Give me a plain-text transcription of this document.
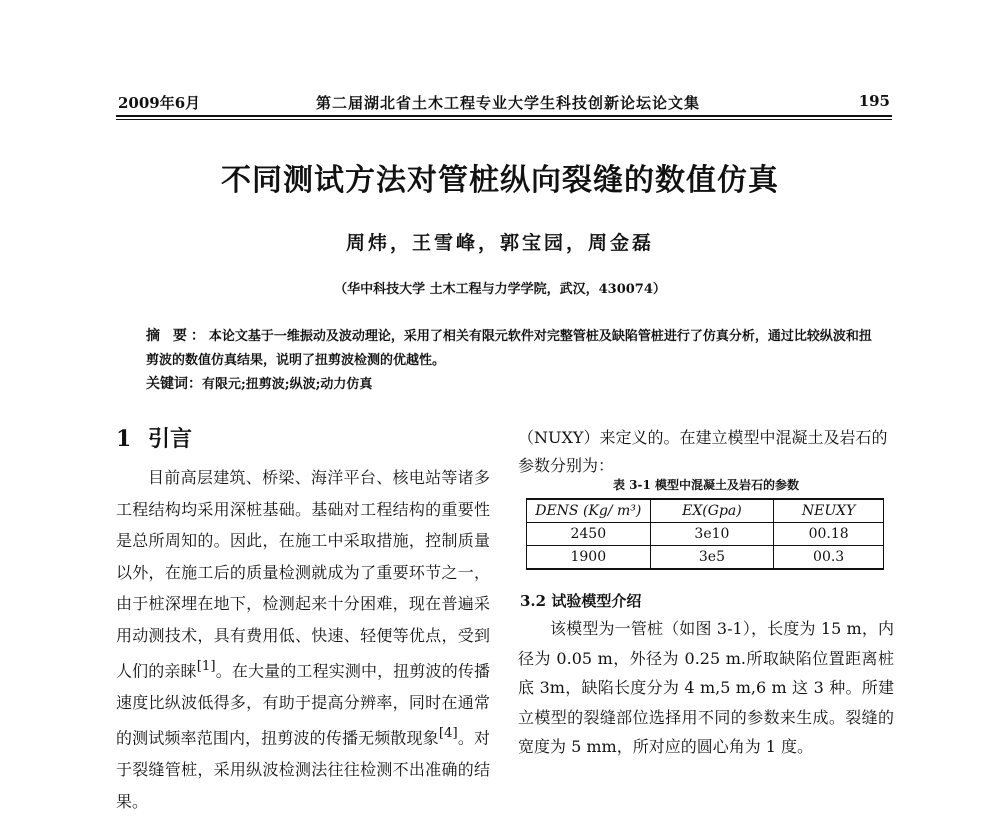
2009年6月	第二届湖北省土木工程专业大学生科技创新论坛论文集	195
不同测试方法对管桩纵向裂缝的数值仿真
周炜，王雪峰，郭宝园，周金磊
（华中科技大学 土木工程与力学学院，武汉，430074）
摘 要：本论文基于一维振动及波动理论，采用了相关有限元软件对完整管桩及缺陷管桩进行了仿真分析，通过比较纵波和扭剪波的数值仿真结果，说明了扭剪波检测的优越性。
关键词：有限元;扭剪波;纵波;动力仿真
1 引言
目前高层建筑、桥梁、海洋平台、核电站等诸多工程结构均采用深桩基础。基础对工程结构的重要性是总所周知的。因此，在施工中采取措施，控制质量以外，在施工后的质量检测就成为了重要环节之一，由于桩深埋在地下，检测起来十分困难，现在普遍采用动测技术，具有费用低、快速、轻便等优点，受到人们的亲睐[1]。在大量的工程实测中，扭剪波的传播速度比纵波低得多，有助于提高分辨率，同时在通常的测试频率范围内，扭剪波的传播无频散现象[4]。对于裂缝管桩，采用纵波检测法往往检测不出准确的结果。
（NUXY）来定义的。在建立模型中混凝土及岩石的参数分别为：
表 3-1 模型中混凝土及岩石的参数
DENS (Kg/ m³)	EX(Gpa)	NEUXY
2450	3e10	00.18
1900	3e5	00.3
3.2 试验模型介绍
该模型为一管桩（如图 3-1），长度为 15 m，内径为 0.05 m，外径为 0.25 m.所取缺陷位置距离桩底 3m，缺陷长度分为 4 m,5 m,6 m 这 3 种。所建立模型的裂缝部位选择用不同的参数来生成。裂缝的宽度为 5 mm，所对应的圆心角为 1 度。
